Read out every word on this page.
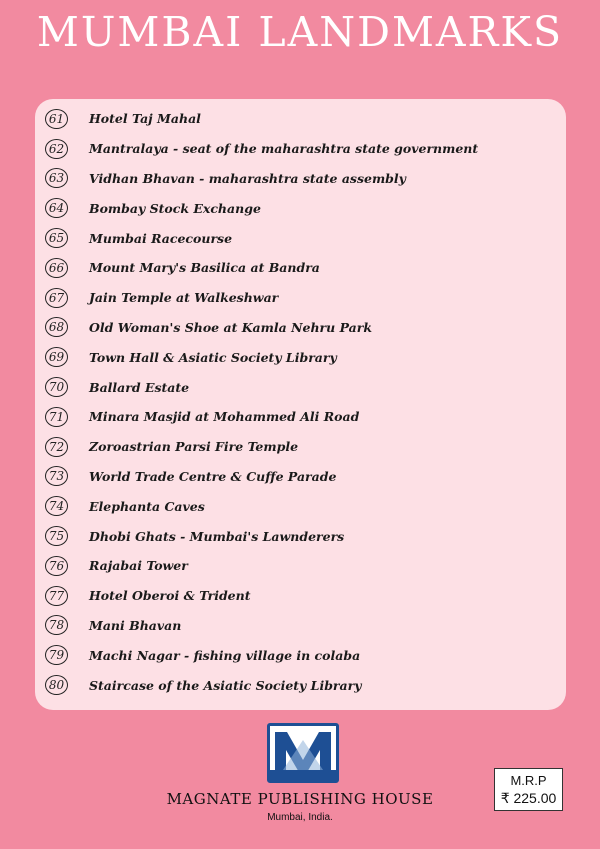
MUMBAI LANDMARKS
61	Hotel Taj Mahal
62	Mantralaya - seat of the maharashtra state government
63	Vidhan Bhavan - maharashtra state assembly
64	Bombay Stock Exchange
65	Mumbai Racecourse
66	Mount Mary's Basilica at Bandra
67	Jain Temple at Walkeshwar
68	Old Woman's Shoe at Kamla Nehru Park
69	Town Hall & Asiatic Society Library
70	Ballard Estate
71	Minara Masjid at Mohammed Ali Road
72	Zoroastrian Parsi Fire Temple
73	World Trade Centre & Cuffe Parade
74	Elephanta Caves
75	Dhobi Ghats - Mumbai's Lawnderers
76	Rajabai Tower
77	Hotel Oberoi & Trident
78	Mani Bhavan
79	Machi Nagar - fishing village in colaba
80	Staircase of the Asiatic Society Library
MAGNATE PUBLISHING HOUSE
Mumbai, India.
M.R.P
₹ 225.00
